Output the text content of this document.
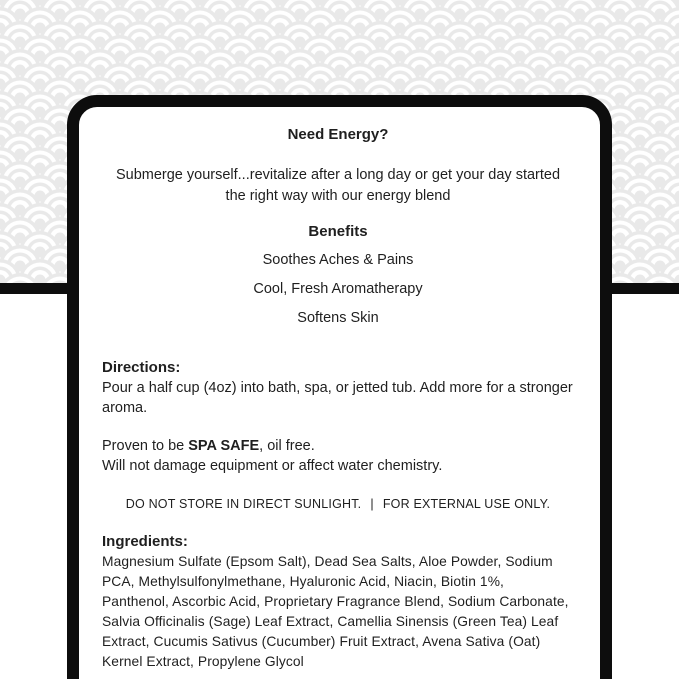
Need Energy?

Submerge yourself...revitalize after a long day or get your day started the right way with our energy blend

Benefits
Soothes Aches & Pains
Cool, Fresh Aromatherapy
Softens Skin
Directions:
Pour a half cup (4oz) into bath, spa, or jetted tub. Add more for a stronger aroma.
Proven to be SPA SAFE, oil free.
Will not damage equipment or affect water chemistry.
DO NOT STORE IN DIRECT SUNLIGHT. | FOR EXTERNAL USE ONLY.
Ingredients:
Magnesium Sulfate (Epsom Salt), Dead Sea Salts, Aloe Powder, Sodium PCA, Methylsulfonylmethane, Hyaluronic Acid, Niacin, Biotin 1%, Panthenol, Ascorbic Acid, Proprietary Fragrance Blend, Sodium Carbonate, Salvia Officinalis (Sage) Leaf Extract, Camellia Sinensis (Green Tea) Leaf Extract, Cucumis Sativus (Cucumber) Fruit Extract, Avena Sativa (Oat) Kernel Extract, Propylene Glycol
